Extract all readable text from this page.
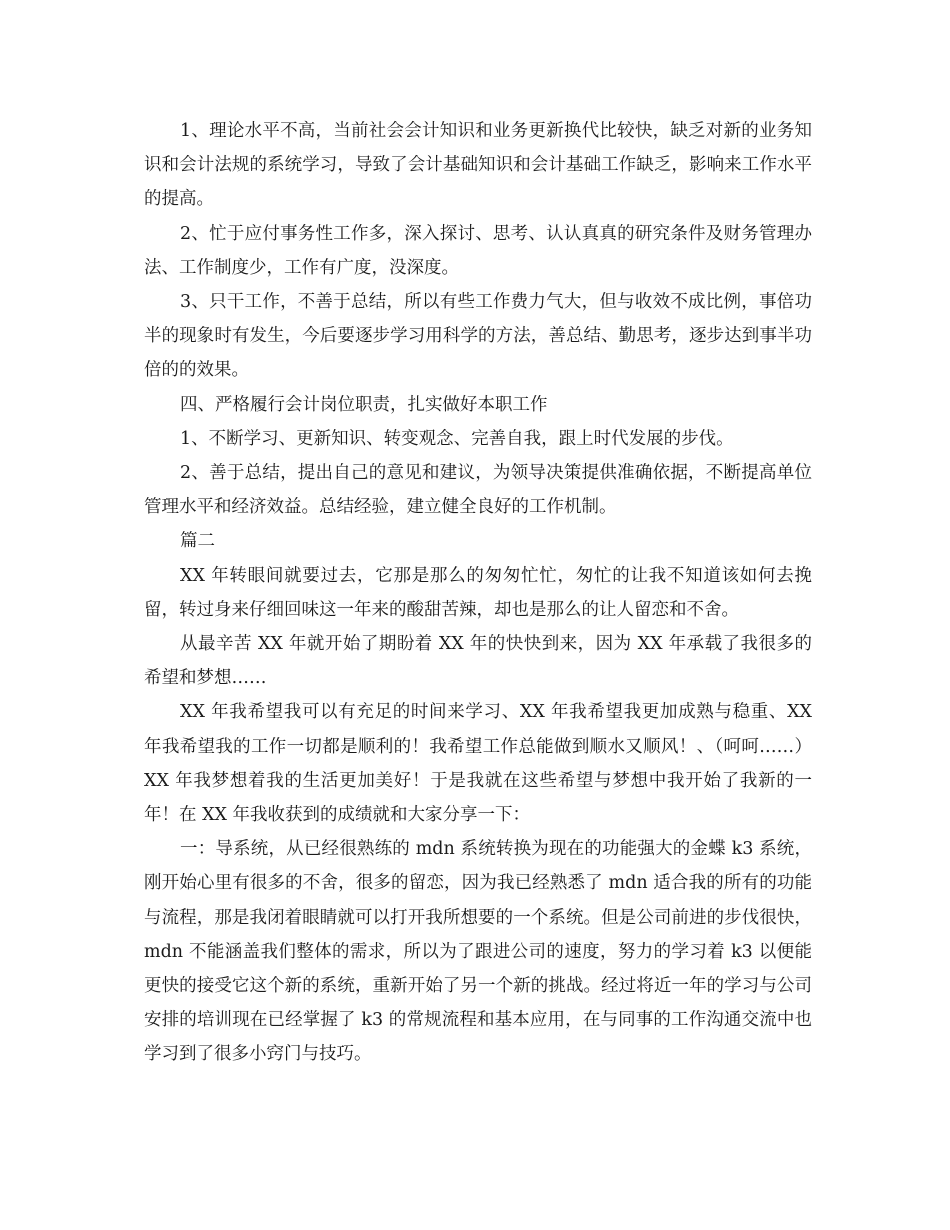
1、理论水平不高，当前社会会计知识和业务更新换代比较快，缺乏对新的业务知识和会计法规的系统学习，导致了会计基础知识和会计基础工作缺乏，影响来工作水平的提高。

2、忙于应付事务性工作多，深入探讨、思考、认认真真的研究条件及财务管理办法、工作制度少，工作有广度，没深度。

3、只干工作，不善于总结，所以有些工作费力气大，但与收效不成比例，事倍功半的现象时有发生，今后要逐步学习用科学的方法，善总结、勤思考，逐步达到事半功倍的的效果。

四、严格履行会计岗位职责，扎实做好本职工作

1、不断学习、更新知识、转变观念、完善自我，跟上时代发展的步伐。

2、善于总结，提出自己的意见和建议，为领导决策提供准确依据，不断提高单位管理水平和经济效益。总结经验，建立健全良好的工作机制。

篇二

XX 年转眼间就要过去，它那是那么的匆匆忙忙，匆忙的让我不知道该如何去挽留，转过身来仔细回味这一年来的酸甜苦辣，却也是那么的让人留恋和不舍。

从最辛苦 XX 年就开始了期盼着 XX 年的快快到来，因为 XX 年承载了我很多的希望和梦想……

XX 年我希望我可以有充足的时间来学习、XX 年我希望我更加成熟与稳重、XX 年我希望我的工作一切都是顺利的！我希望工作总能做到顺水又顺风！、（呵呵……）XX 年我梦想着我的生活更加美好！于是我就在这些希望与梦想中我开始了我新的一年！在 XX 年我收获到的成绩就和大家分享一下：

一：导系统，从已经很熟练的 mdn 系统转换为现在的功能强大的金蝶 k3 系统，刚开始心里有很多的不舍，很多的留恋，因为我已经熟悉了 mdn 适合我的所有的功能与流程，那是我闭着眼睛就可以打开我所想要的一个系统。但是公司前进的步伐很快，mdn 不能涵盖我们整体的需求，所以为了跟进公司的速度，努力的学习着 k3 以便能更快的接受它这个新的系统，重新开始了另一个新的挑战。经过将近一年的学习与公司安排的培训现在已经掌握了 k3 的常规流程和基本应用，在与同事的工作沟通交流中也学习到了很多小窍门与技巧。
